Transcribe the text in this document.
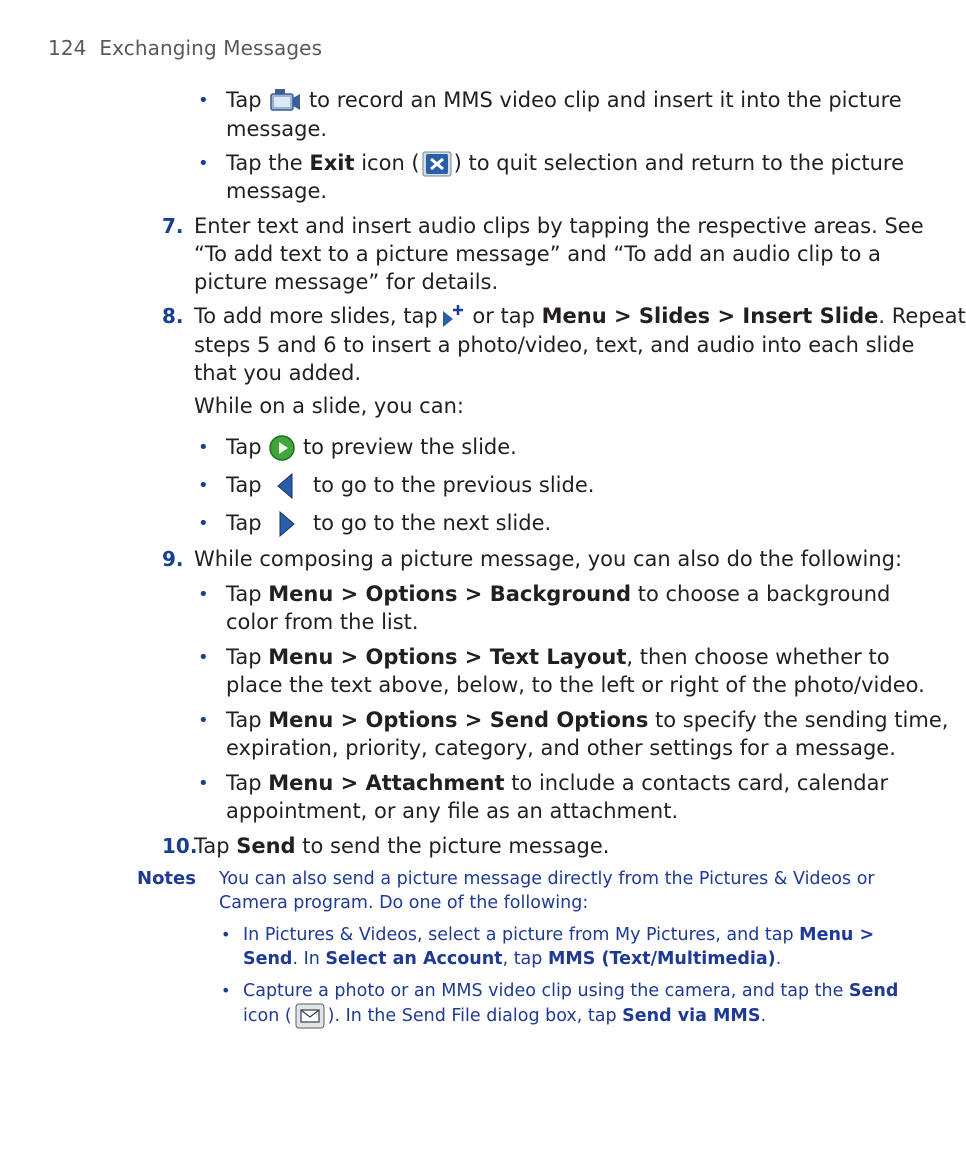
124 Exchanging Messages
• Tap to record an MMS video clip and insert it into the picture
message.
• Tap the Exit icon ( ) to quit selection and return to the picture
message.
7. Enter text and insert audio clips by tapping the respective areas. See
“To add text to a picture message” and “To add an audio clip to a
picture message” for details.
8. To add more slides, tap or tap Menu > Slides > Insert Slide. Repeat
steps 5 and 6 to insert a photo/video, text, and audio into each slide
that you added.
While on a slide, you can:
• Tap to preview the slide.
• Tap to go to the previous slide.
• Tap to go to the next slide.
9. While composing a picture message, you can also do the following:
• Tap Menu > Options > Background to choose a background
color from the list.
• Tap Menu > Options > Text Layout, then choose whether to
place the text above, below, to the left or right of the photo/video.
• Tap Menu > Options > Send Options to specify the sending time,
expiration, priority, category, and other settings for a message.
• Tap Menu > Attachment to include a contacts card, calendar
appointment, or any file as an attachment.
10.
Tap Send to send the picture message.
Notes You can also send a picture message directly from the Pictures & Videos or
Camera program. Do one of the following:
• In Pictures & Videos, select a picture from My Pictures, and tap Menu >
Send. In Select an Account, tap MMS (Text/Multimedia).
• Capture a photo or an MMS video clip using the camera, and tap the Send
icon ( ). In the Send File dialog box, tap Send via MMS.
